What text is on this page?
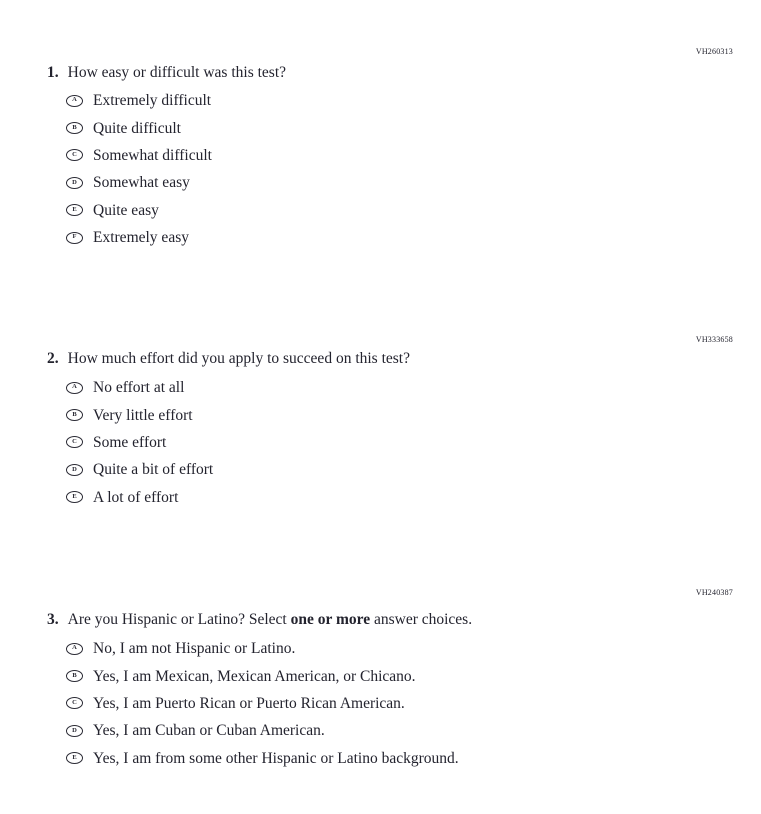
VH260313
1. How easy or difficult was this test?
A	Extremely difficult
B	Quite difficult
C	Somewhat difficult
D	Somewhat easy
E	Quite easy
F	Extremely easy
VH333658
2. How much effort did you apply to succeed on this test?
A	No effort at all
B	Very little effort
C	Some effort
D	Quite a bit of effort
E	A lot of effort
VH240387
3. Are you Hispanic or Latino? Select one or more answer choices.
A	No, I am not Hispanic or Latino.
B	Yes, I am Mexican, Mexican American, or Chicano.
C	Yes, I am Puerto Rican or Puerto Rican American.
D	Yes, I am Cuban or Cuban American.
E	Yes, I am from some other Hispanic or Latino background.
